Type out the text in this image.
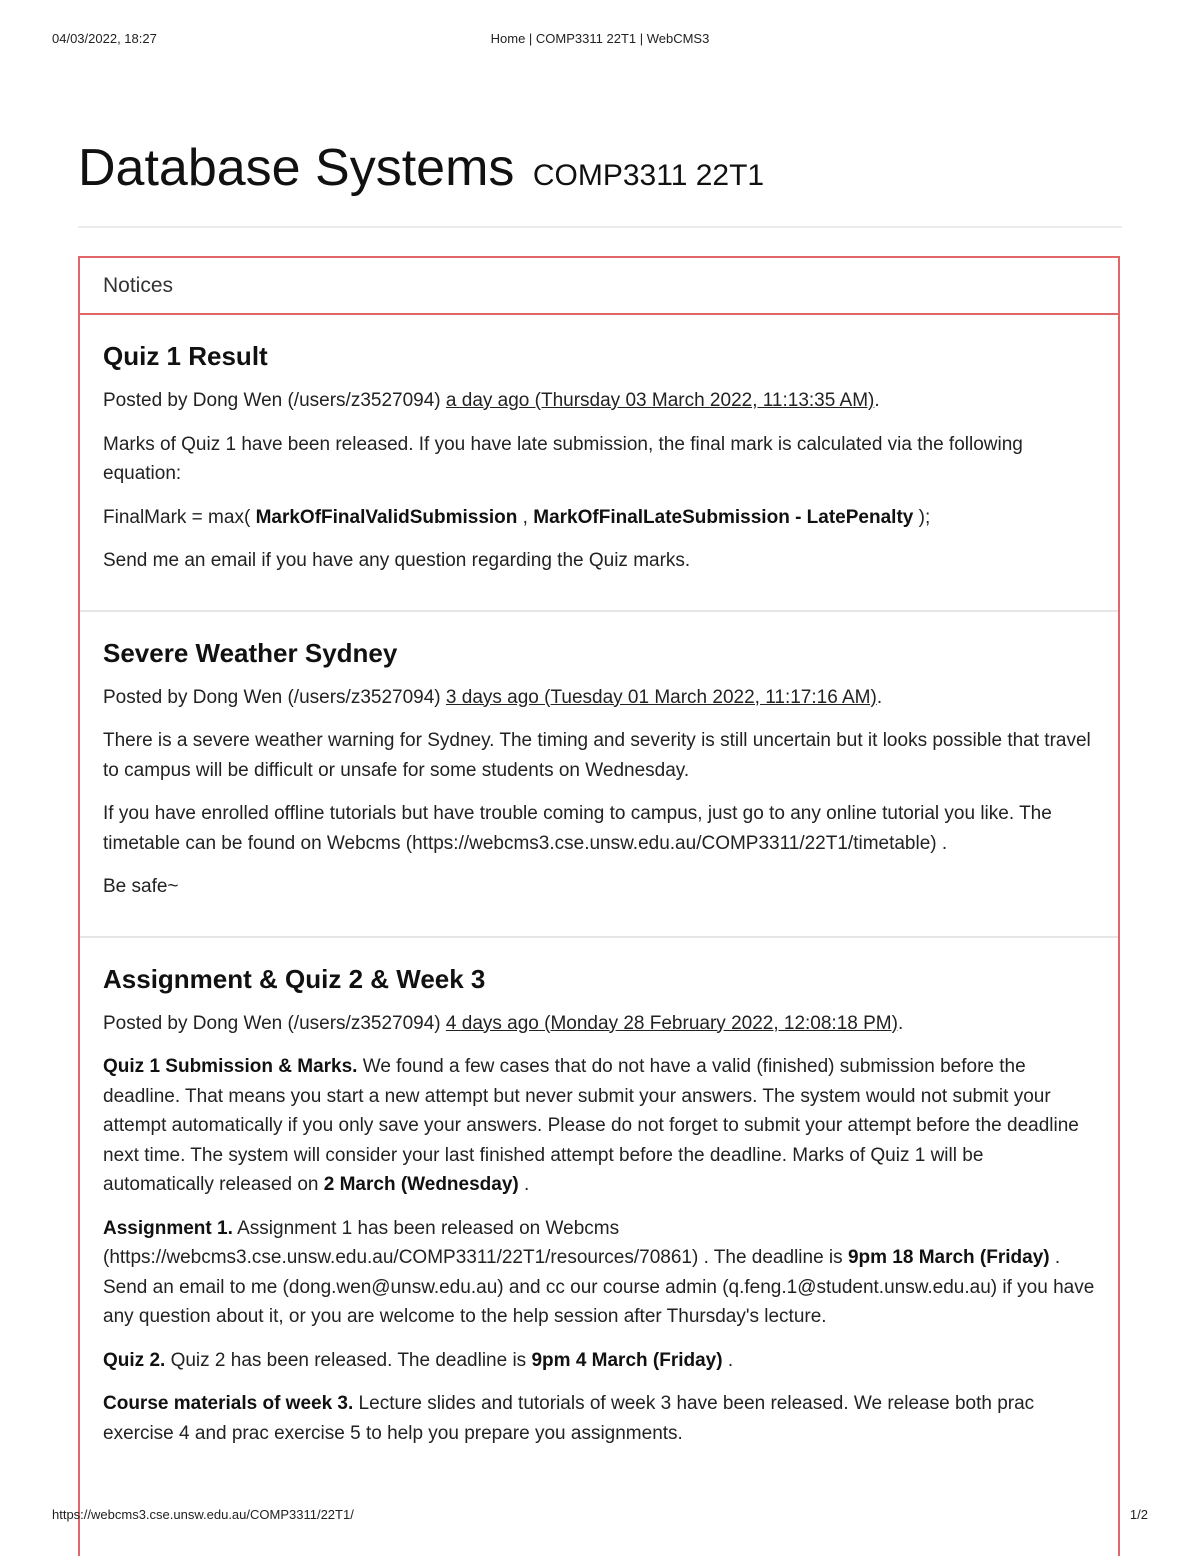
04/03/2022, 18:27	Home | COMP3311 22T1 | WebCMS3
Database Systems COMP3311 22T1
Notices
Quiz 1 Result

Posted by Dong Wen (/users/z3527094) a day ago (Thursday 03 March 2022, 11:13:35 AM).

Marks of Quiz 1 have been released. If you have late submission, the final mark is calculated via the following equation:

FinalMark = max( MarkOfFinalValidSubmission , MarkOfFinalLateSubmission - LatePenalty );

Send me an email if you have any question regarding the Quiz marks.

Severe Weather Sydney

Posted by Dong Wen (/users/z3527094) 3 days ago (Tuesday 01 March 2022, 11:17:16 AM).

There is a severe weather warning for Sydney. The timing and severity is still uncertain but it looks possible that travel to campus will be difficult or unsafe for some students on Wednesday.

If you have enrolled offline tutorials but have trouble coming to campus, just go to any online tutorial you like. The timetable can be found on Webcms (https://webcms3.cse.unsw.edu.au/COMP3311/22T1/timetable) .

Be safe~

Assignment & Quiz 2 & Week 3

Posted by Dong Wen (/users/z3527094) 4 days ago (Monday 28 February 2022, 12:08:18 PM).

Quiz 1 Submission & Marks. We found a few cases that do not have a valid (finished) submission before the deadline. That means you start a new attempt but never submit your answers. The system would not submit your attempt automatically if you only save your answers. Please do not forget to submit your attempt before the deadline next time. The system will consider your last finished attempt before the deadline. Marks of Quiz 1 will be automatically released on 2 March (Wednesday) .

Assignment 1. Assignment 1 has been released on Webcms (https://webcms3.cse.unsw.edu.au/COMP3311/22T1/resources/70861) . The deadline is 9pm 18 March (Friday) . Send an email to me (dong.wen@unsw.edu.au) and cc our course admin (q.feng.1@student.unsw.edu.au) if you have any question about it, or you are welcome to the help session after Thursday's lecture.

Quiz 2. Quiz 2 has been released. The deadline is 9pm 4 March (Friday) .

Course materials of week 3. Lecture slides and tutorials of week 3 have been released. We release both prac exercise 4 and prac exercise 5 to help you prepare you assignments.

https://webcms3.cse.unsw.edu.au/COMP3311/22T1/	1/2
